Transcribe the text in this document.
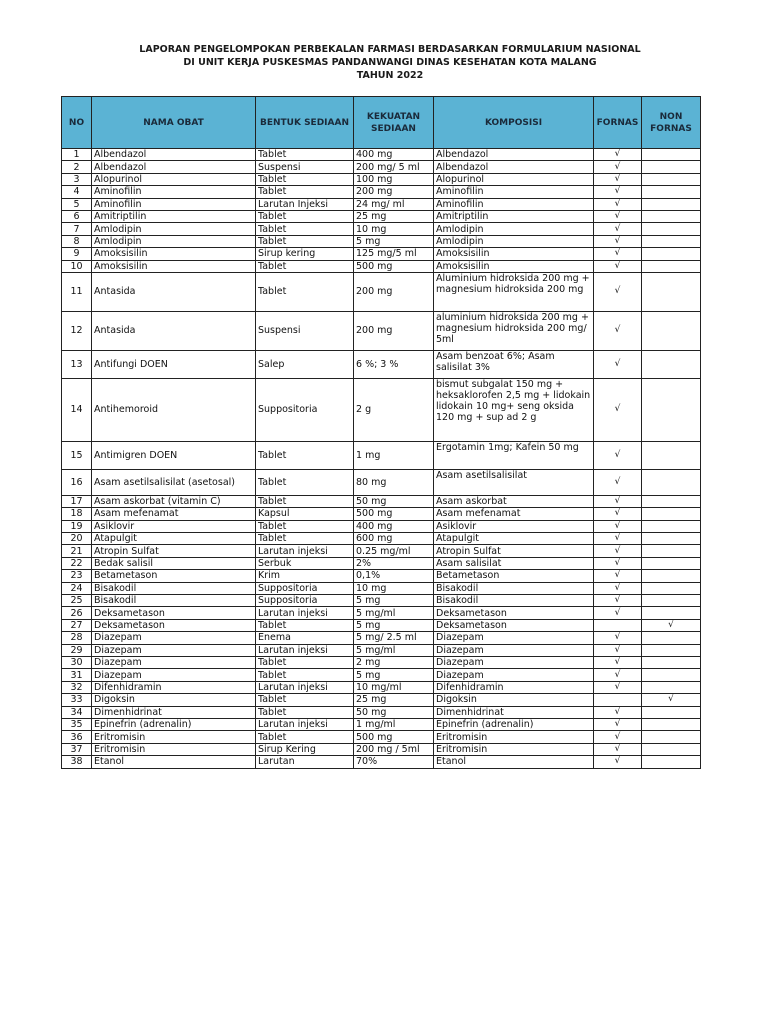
LAPORAN PENGELOMPOKAN PERBEKALAN FARMASI BERDASARKAN FORMULARIUM NASIONAL
DI UNIT KERJA PUSKESMAS PANDANWANGI DINAS KESEHATAN KOTA MALANG
TAHUN 2022
NO	NAMA OBAT	BENTUK SEDIAAN	KEKUATAN SEDIAAN	KOMPOSISI	FORNAS	NON FORNAS
1	Albendazol	Tablet	400 mg	Albendazol	√	
2	Albendazol	Suspensi	200 mg/ 5 ml	Albendazol	√	
3	Alopurinol	Tablet	100 mg	Alopurinol	√	
4	Aminofilin	Tablet	200 mg	Aminofilin	√	
5	Aminofilin	Larutan Injeksi	24 mg/ ml	Aminofilin	√	
6	Amitriptilin	Tablet	25 mg	Amitriptilin	√	
7	Amlodipin	Tablet	10 mg	Amlodipin	√	
8	Amlodipin	Tablet	5 mg	Amlodipin	√	
9	Amoksisilin	Sirup kering	125 mg/5 ml	Amoksisilin	√	
10	Amoksisilin	Tablet	500 mg	Amoksisilin	√	
11	Antasida	Tablet	200 mg	Aluminium hidroksida 200 mg + magnesium hidroksida 200 mg	√	
12	Antasida	Suspensi	200 mg	aluminium hidroksida 200 mg + magnesium hidroksida 200 mg/ 5ml	√	
13	Antifungi DOEN	Salep	6 %; 3 %	Asam benzoat 6%; Asam salisilat 3%	√	
14	Antihemoroid	Suppositoria	2 g	bismut subgalat 150 mg + heksaklorofen 2,5 mg + lidokain lidokain 10 mg+ seng oksida 120 mg + sup ad 2 g	√	
15	Antimigren DOEN	Tablet	1 mg	Ergotamin 1mg; Kafein 50 mg	√	
16	Asam asetilsalisilat (asetosal)	Tablet	80 mg	Asam asetilsalisilat	√	
17	Asam askorbat (vitamin C)	Tablet	50 mg	Asam askorbat	√	
18	Asam mefenamat	Kapsul	500 mg	Asam mefenamat	√	
19	Asiklovir	Tablet	400 mg	Asiklovir	√	
20	Atapulgit	Tablet	600 mg	Atapulgit	√	
21	Atropin Sulfat	Larutan injeksi	0.25 mg/ml	Atropin Sulfat	√	
22	Bedak salisil	Serbuk	2%	Asam salisilat	√	
23	Betametason	Krim	0,1%	Betametason	√	
24	Bisakodil	Suppositoria	10 mg	Bisakodil	√	
25	Bisakodil	Suppositoria	5 mg	Bisakodil	√	
26	Deksametason	Larutan injeksi	5 mg/ml	Deksametason	√	
27	Deksametason	Tablet	5 mg	Deksametason		√
28	Diazepam	Enema	5 mg/ 2.5 ml	Diazepam	√	
29	Diazepam	Larutan injeksi	5 mg/ml	Diazepam	√	
30	Diazepam	Tablet	2 mg	Diazepam	√	
31	Diazepam	Tablet	5 mg	Diazepam	√	
32	Difenhidramin	Larutan injeksi	10 mg/ml	Difenhidramin	√	
33	Digoksin	Tablet	25 mg	Digoksin		√
34	Dimenhidrinat	Tablet	50 mg	Dimenhidrinat	√	
35	Epinefrin (adrenalin)	Larutan injeksi	1 mg/ml	Epinefrin (adrenalin)	√	
36	Eritromisin	Tablet	500 mg	Eritromisin	√	
37	Eritromisin	Sirup Kering	200 mg / 5ml	Eritromisin	√	
38	Etanol	Larutan	70%	Etanol	√	
